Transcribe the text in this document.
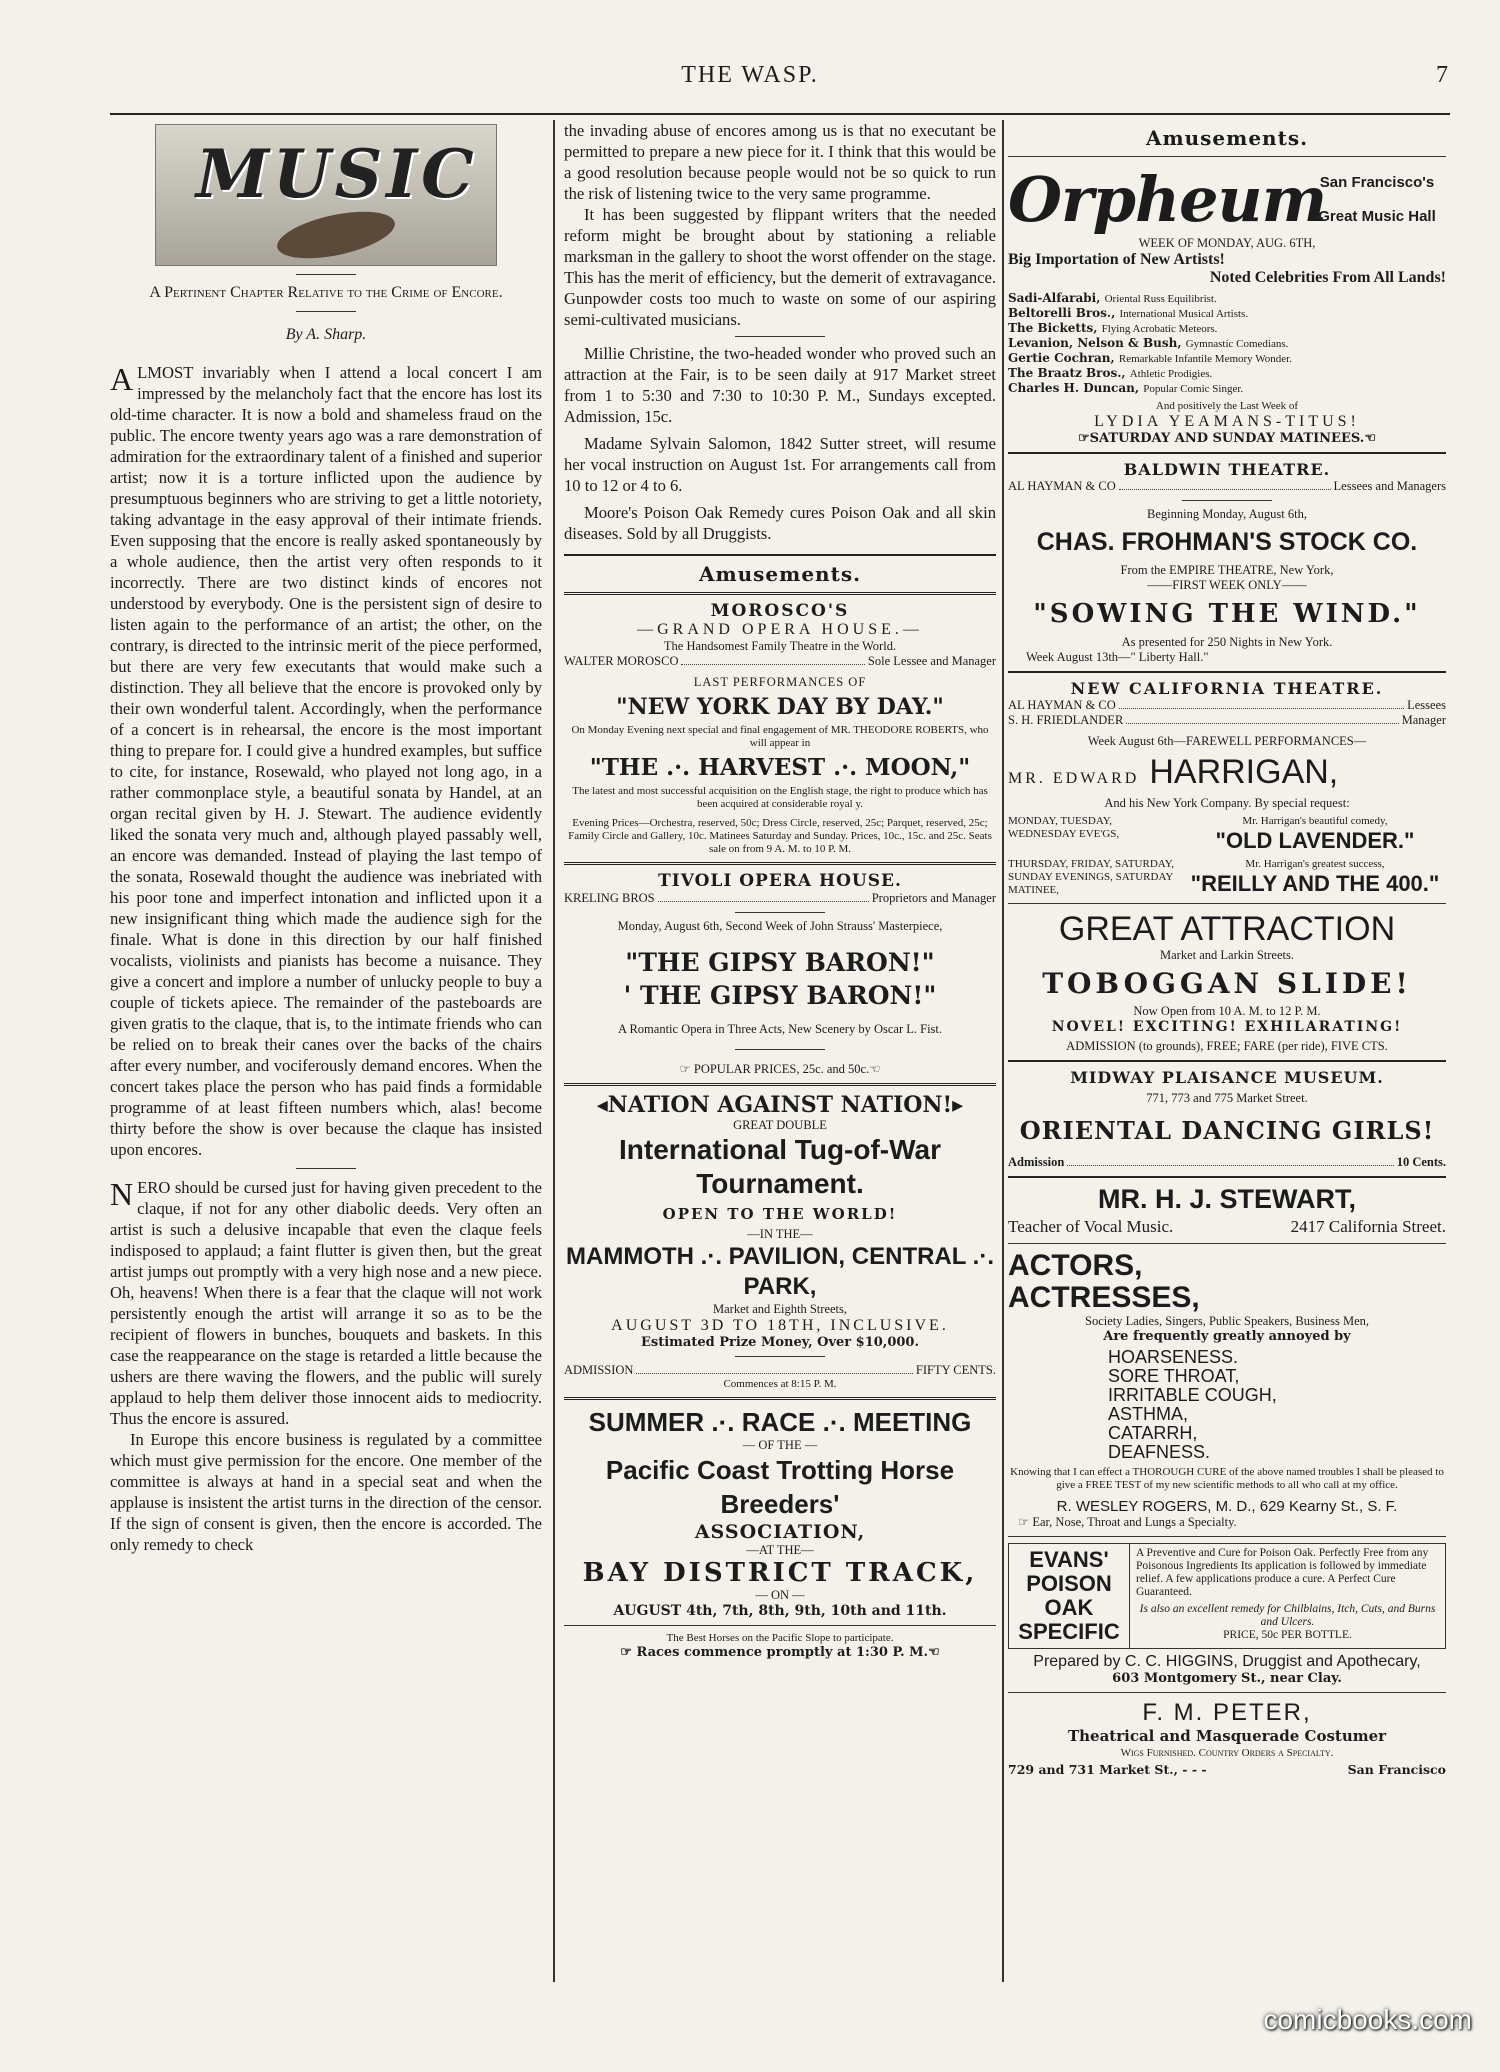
THE WASP.	7
MUSIC

A Pertinent Chapter Relative to the Crime of Encore.

By A. Sharp.

ALMOST invariably when I attend a local concert I am impressed by the melancholy fact that the encore has lost its old-time character. It is now a bold and shameless fraud on the public. The encore twenty years ago was a rare demonstration of admiration for the extraordinary talent of a finished and superior artist; now it is a torture inflicted upon the audience by presumptuous beginners who are striving to get a little notoriety, taking advantage in the easy approval of their intimate friends. Even supposing that the encore is really asked spontaneously by a whole audience, then the artist very often responds to it incorrectly. There are two distinct kinds of encores not understood by everybody. One is the persistent sign of desire to listen again to the performance of an artist; the other, on the contrary, is directed to the intrinsic merit of the piece performed, but there are very few executants that would make such a distinction. They all believe that the encore is provoked only by their own wonderful talent. Accordingly, when the performance of a concert is in rehearsal, the encore is the most important thing to prepare for. I could give a hundred examples, but suffice to cite, for instance, Rosewald, who played not long ago, in a rather commonplace style, a beautiful sonata by Handel, at an organ recital given by H. J. Stewart. The audience evidently liked the sonata very much and, although played passably well, an encore was demanded. Instead of playing the last tempo of the sonata, Rosewald thought the audience was inebriated with his poor tone and imperfect intonation and inflicted upon it a new insignificant thing which made the audience sigh for the finale. What is done in this direction by our half finished vocalists, violinists and pianists has become a nuisance. They give a concert and implore a number of unlucky people to buy a couple of tickets apiece. The remainder of the pasteboards are given gratis to the claque, that is, to the intimate friends who can be relied on to break their canes over the backs of the chairs after every number, and vociferously demand encores. When the concert takes place the person who has paid finds a formidable programme of at least fifteen numbers which, alas! become thirty before the show is over because the claque has insisted upon encores.

NERO should be cursed just for having given precedent to the claque, if not for any other diabolic deeds. Very often an artist is such a delusive incapable that even the claque feels indisposed to applaud; a faint flutter is given then, but the great artist jumps out promptly with a very high nose and a new piece. Oh, heavens! When there is a fear that the claque will not work persistently enough the artist will arrange it so as to be the recipient of flowers in bunches, bouquets and baskets. In this case the reappearance on the stage is retarded a little because the ushers are there waving the flowers, and the public will surely applaud to help them deliver those innocent aids to mediocrity. Thus the encore is assured.

In Europe this encore business is regulated by a committee which must give permission for the encore. One member of the committee is always at hand in a special seat and when the applause is insistent the artist turns in the direction of the censor. If the sign of consent is given, then the encore is accorded. The only remedy to check

the invading abuse of encores among us is that no executant be permitted to prepare a new piece for it. I think that this would be a good resolution because people would not be so quick to run the risk of listening twice to the very same programme.

It has been suggested by flippant writers that the needed reform might be brought about by stationing a reliable marksman in the gallery to shoot the worst offender on the stage. This has the merit of efficiency, but the demerit of extravagance. Gunpowder costs too much to waste on some of our aspiring semi-cultivated musicians.

Millie Christine, the two-headed wonder who proved such an attraction at the Fair, is to be seen daily at 917 Market street from 1 to 5:30 and 7:30 to 10:30 P. M., Sundays excepted. Admission, 15c.

Madame Sylvain Salomon, 1842 Sutter street, will resume her vocal instruction on August 1st. For arrangements call from 10 to 12 or 4 to 6.

Moore's Poison Oak Remedy cures Poison Oak and all skin diseases. Sold by all Druggists.

Amusements.
MOROSCO'S
—GRAND OPERA HOUSE.—
The Handsomest Family Theatre in the World.
WALTER MOROSCO	Sole Lessee and Manager
LAST PERFORMANCES OF
"NEW YORK DAY BY DAY."
On Monday Evening next special and final engagement of MR. THEODORE ROBERTS, who will appear in
"THE .·. HARVEST .·. MOON,"
The latest and most successful acquisition on the English stage, the right to produce which has been acquired at considerable royal y.
Evening Prices—Orchestra, reserved, 50c; Dress Circle, reserved, 25c; Parquet, reserved, 25c; Family Circle and Gallery, 10c. Matinees Saturday and Sunday. Prices, 10c., 15c. and 25c. Seats sale on from 9 A. M. to 10 P. M.
TIVOLI OPERA HOUSE.
KRELING BROS	Proprietors and Manager
Monday, August 6th, Second Week of John Strauss' Masterpiece,
"THE GIPSY BARON!"
' THE GIPSY BARON!"
A Romantic Opera in Three Acts, New Scenery by Oscar L. Fist.
☞ POPULAR PRICES, 25c. and 50c.☜
◂NATION AGAINST NATION!▸
GREAT DOUBLE
International Tug-of-War Tournament.
OPEN TO THE WORLD!
—IN THE—
MAMMOTH .·. PAVILION, CENTRAL .·. PARK,
Market and Eighth Streets,
AUGUST 3D TO 18TH, INCLUSIVE.
Estimated Prize Money, Over $10,000.
ADMISSION	FIFTY CENTS.
Commences at 8:15 P. M.
SUMMER .·. RACE .·. MEETING
— OF THE —
Pacific Coast Trotting Horse Breeders'
ASSOCIATION,
—AT THE—
BAY DISTRICT TRACK,
— ON —
AUGUST 4th, 7th, 8th, 9th, 10th and 11th.
The Best Horses on the Pacific Slope to participate.
☞ Races commence promptly at 1:30 P. M.☜
Amusements.
Orpheum
San Francisco's
Great Music Hall
WEEK OF MONDAY, AUG. 6TH,
Big Importation of New Artists!
Noted Celebrities From All Lands!
Sadi-Alfarabi, Oriental Russ Equilibrist.
Beltorelli Bros., International Musical Artists.
The Bicketts, Flying Acrobatic Meteors.
Levanion, Nelson & Bush, Gymnastic Comedians.
Gertie Cochran, Remarkable Infantile Memory Wonder.
The Braatz Bros., Athletic Prodigies.
Charles H. Duncan, Popular Comic Singer.
And positively the Last Week of
LYDIA YEAMANS-TITUS!
☞SATURDAY AND SUNDAY MATINEES.☜
BALDWIN THEATRE.
AL HAYMAN & CO	Lessees and Managers
Beginning Monday, August 6th,
CHAS. FROHMAN'S STOCK CO.
From the EMPIRE THEATRE, New York,
——FIRST WEEK ONLY——
"SOWING THE WIND."
As presented for 250 Nights in New York.
Week August 13th—" Liberty Hall."
NEW CALIFORNIA THEATRE.
AL HAYMAN & CO	Lessees
S. H. FRIEDLANDER	Manager
Week August 6th—FAREWELL PERFORMANCES—
MR. EDWARD HARRIGAN,
And his New York Company. By special request:
MONDAY, TUESDAY, WEDNESDAY EVE'GS,
Mr. Harrigan's beautiful comedy,
"OLD LAVENDER."
THURSDAY, FRIDAY, SATURDAY, SUNDAY EVENINGS, SATURDAY MATINEE,
Mr. Harrigan's greatest success,
"REILLY AND THE 400."
GREAT ATTRACTION
Market and Larkin Streets.
TOBOGGAN SLIDE!
Now Open from 10 A. M. to 12 P. M.
NOVEL! EXCITING! EXHILARATING!
ADMISSION (to grounds), FREE; FARE (per ride), FIVE CTS.
MIDWAY PLAISANCE MUSEUM.
771, 773 and 775 Market Street.
ORIENTAL DANCING GIRLS!
Admission	10 Cents.
MR. H. J. STEWART,
Teacher of Vocal Music.	2417 California Street.
ACTORS,
ACTRESSES,
Society Ladies, Singers, Public Speakers, Business Men,
Are frequently greatly annoyed by
HOARSENESS.
SORE THROAT,
IRRITABLE COUGH,
ASTHMA,
CATARRH,
DEAFNESS.
Knowing that I can effect a THOROUGH CURE of the above named troubles I shall be pleased to give a FREE TEST of my new scientific methods to all who call at my office.
R. WESLEY ROGERS, M. D., 629 Kearny St., S. F.
☞ Ear, Nose, Throat and Lungs a Specialty.
EVANS'
POISON
OAK
SPECIFIC
A Preventive and Cure for Poison Oak. Perfectly Free from any Poisonous Ingredients Its application is followed by immediate relief. A few applications produce a cure. A Perfect Cure Guaranteed.
Is also an excellent remedy for Chilblains, Itch, Cuts, and Burns and Ulcers.
PRICE, 50c PER BOTTLE.
Prepared by C. C. HIGGINS, Druggist and Apothecary,
603 Montgomery St., near Clay.
F. M. PETER,
Theatrical and Masquerade Costumer
Wigs Furnished. Country Orders a Specialty.
729 and 731 Market St., - - -	San Francisco
comicbooks.com
